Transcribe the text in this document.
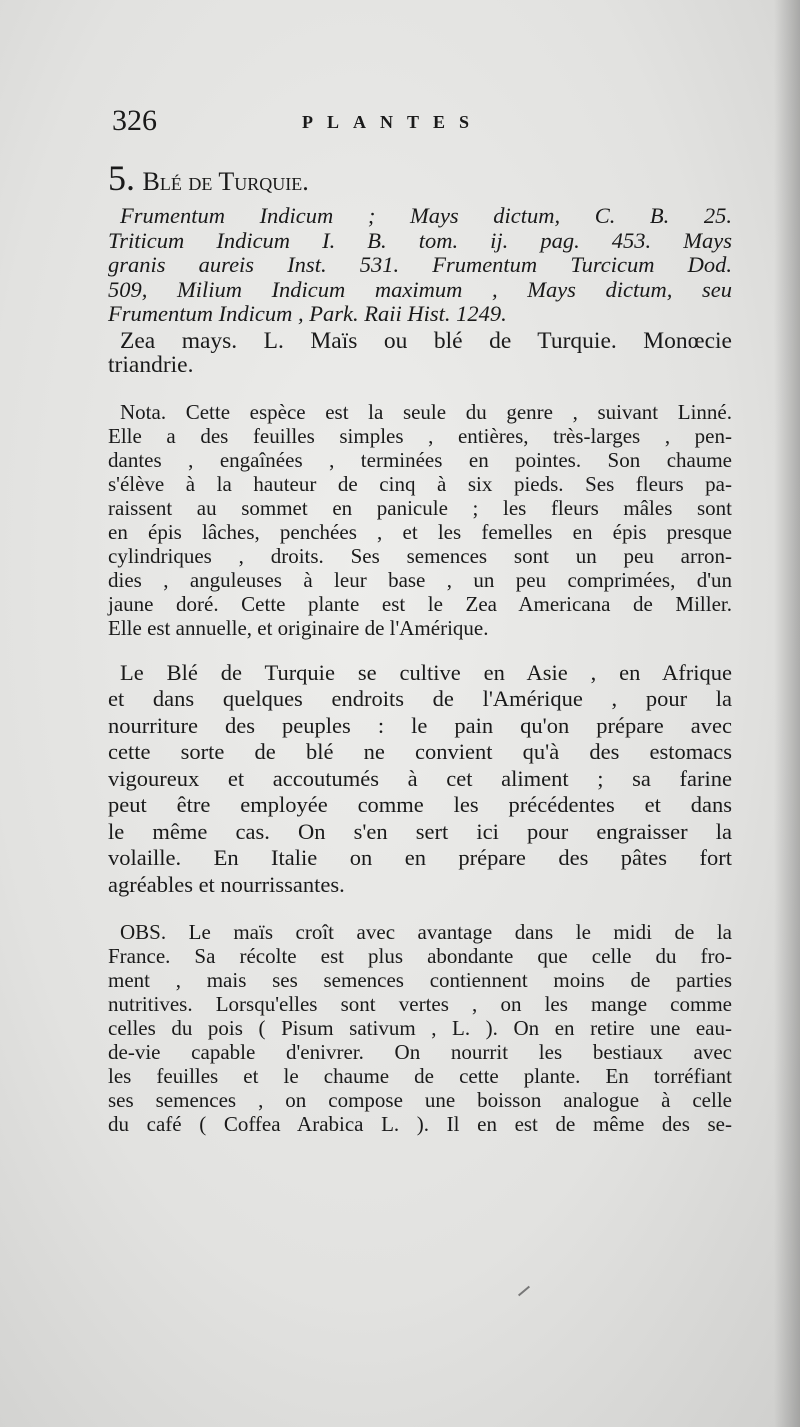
326	PLANTES
5. Blé de Turquie.
Frumentum Indicum ; Mays dictum, C. B. 25.
Triticum Indicum I. B. tom. ij. pag. 453. Mays
granis aureis Inst. 531. Frumentum Turcicum Dod.
509, Milium Indicum maximum , Mays dictum, seu
Frumentum Indicum , Park. Raii Hist. 1249.
Zea mays. L. Maïs ou blé de Turquie. Monœcie
triandrie.
Nota. Cette espèce est la seule du genre , suivant Linné.
Elle a des feuilles simples , entières, très-larges , pen-
dantes , engaînées , terminées en pointes. Son chaume
s'élève à la hauteur de cinq à six pieds. Ses fleurs pa-
raissent au sommet en panicule ; les fleurs mâles sont
en épis lâches, penchées , et les femelles en épis presque
cylindriques , droits. Ses semences sont un peu arron-
dies , anguleuses à leur base , un peu comprimées, d'un
jaune doré. Cette plante est le Zea Americana de Miller.
Elle est annuelle, et originaire de l'Amérique.
Le Blé de Turquie se cultive en Asie , en Afrique
et dans quelques endroits de l'Amérique , pour la
nourriture des peuples : le pain qu'on prépare avec
cette sorte de blé ne convient qu'à des estomacs
vigoureux et accoutumés à cet aliment ; sa farine
peut être employée comme les précédentes et dans
le même cas. On s'en sert ici pour engraisser la
volaille. En Italie on en prépare des pâtes fort
agréables et nourrissantes.
OBS. Le maïs croît avec avantage dans le midi de la
France. Sa récolte est plus abondante que celle du fro-
ment , mais ses semences contiennent moins de parties
nutritives. Lorsqu'elles sont vertes , on les mange comme
celles du pois ( Pisum sativum , L. ). On en retire une eau-
de-vie capable d'enivrer. On nourrit les bestiaux avec
les feuilles et le chaume de cette plante. En torréfiant
ses semences , on compose une boisson analogue à celle
du café ( Coffea Arabica L. ). Il en est de même des se-
